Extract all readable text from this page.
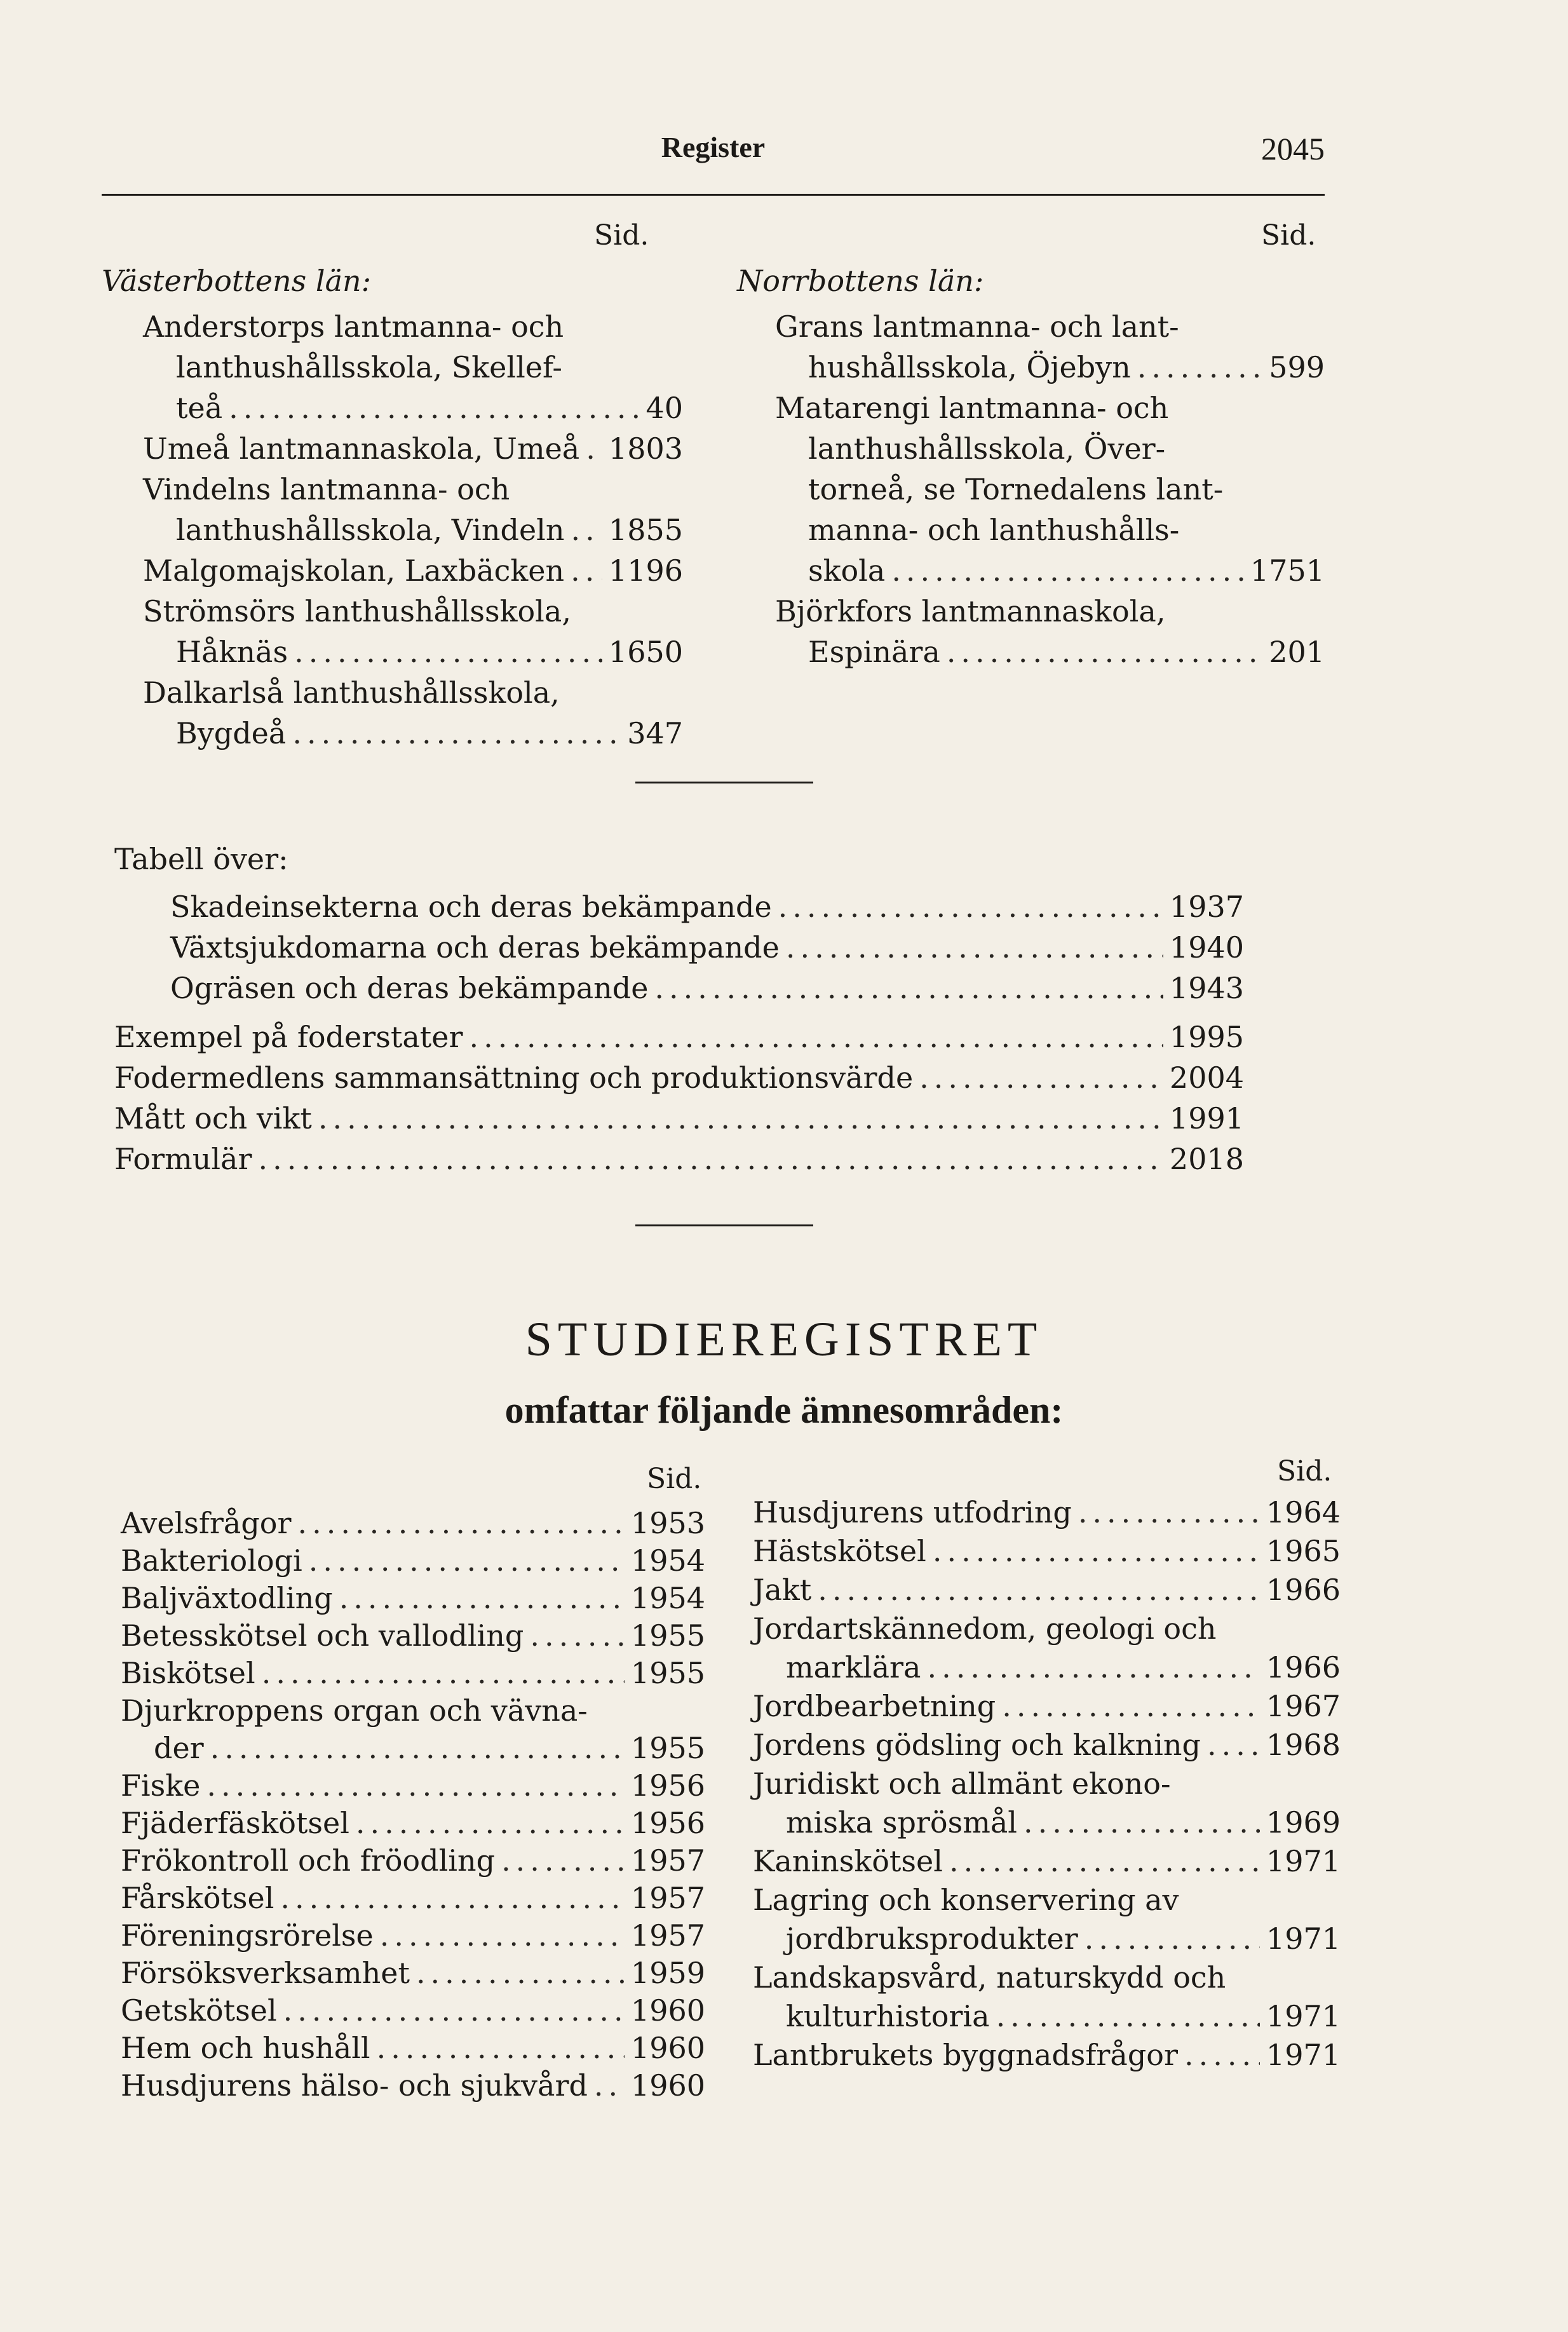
Register	2045
Sid.	Sid.
Västerbottens län:	Norrbottens län:
Anderstorps lantmanna- och
lanthushållsskola, Skellef-
teå .....	40
Umeå lantmannaskola, Umeå ..... 1803
Vindelns lantmanna- och
lanthushållsskola, Vindeln ..... 1855
Malgomajskolan, Laxbäcken ..... 1196
Strömsörs lanthushållsskola,
Håknäs .....	1650
Dalkarlså lanthushållsskola,
Bygdeå .....	347
Grans lantmanna- och lant-
hushållsskola, Öjebyn .....	599
Matarengi lantmanna- och
lanthushållsskola, Över-
torneå, se Tornedalens lant-
manna- och lanthushålls-
skola .....	1751
Björkfors lantmannaskola,
Espinära .....	201
Tabell över:
Skadeinsekterna och deras bekämpande .....	1937
Växtsjukdomarna och deras bekämpande .....	1940
Ogräsen och deras bekämpande .....	1943
Exempel på foderstater .....	1995
Fodermedlens sammansättning och produktionsvärde .....	2004
Mått och vikt .....	1991
Formulär .....	2018
STUDIEREGISTRET
omfattar följande ämnesområden:
Sid.	Sid.
Avelsfrågor .....	1953
Bakteriologi .....	1954
Baljväxtodling .....	1954
Betesskötsel och vallodling .....	1955
Biskötsel .....	1955
Djurkroppens organ och vävna-
der .....	1955
Fiske .....	1956
Fjäderfäskötsel .....	1956
Frökontroll och fröodling .....	1957
Fårskötsel .....	1957
Föreningsrörelse .....	1957
Försöksverksamhet .....	1959
Getskötsel .....	1960
Hem och hushåll .....	1960
Husdjurens hälso- och sjukvård ..... 1960
Husdjurens utfodring .....	1964
Hästskötsel .....	1965
Jakt .....	1966
Jordartskännedom, geologi och
marklära .....	1966
Jordbearbetning .....	1967
Jordens gödsling och kalkning ..... 1968
Juridiskt och allmänt ekono-
miska sprösmål .....	1969
Kaninskötsel .....	1971
Lagring och konservering av
jordbruksprodukter .....	1971
Landskapsvård, naturskydd och
kulturhistoria .....	1971
Lantbrukets byggnadsfrågor .....	1971
